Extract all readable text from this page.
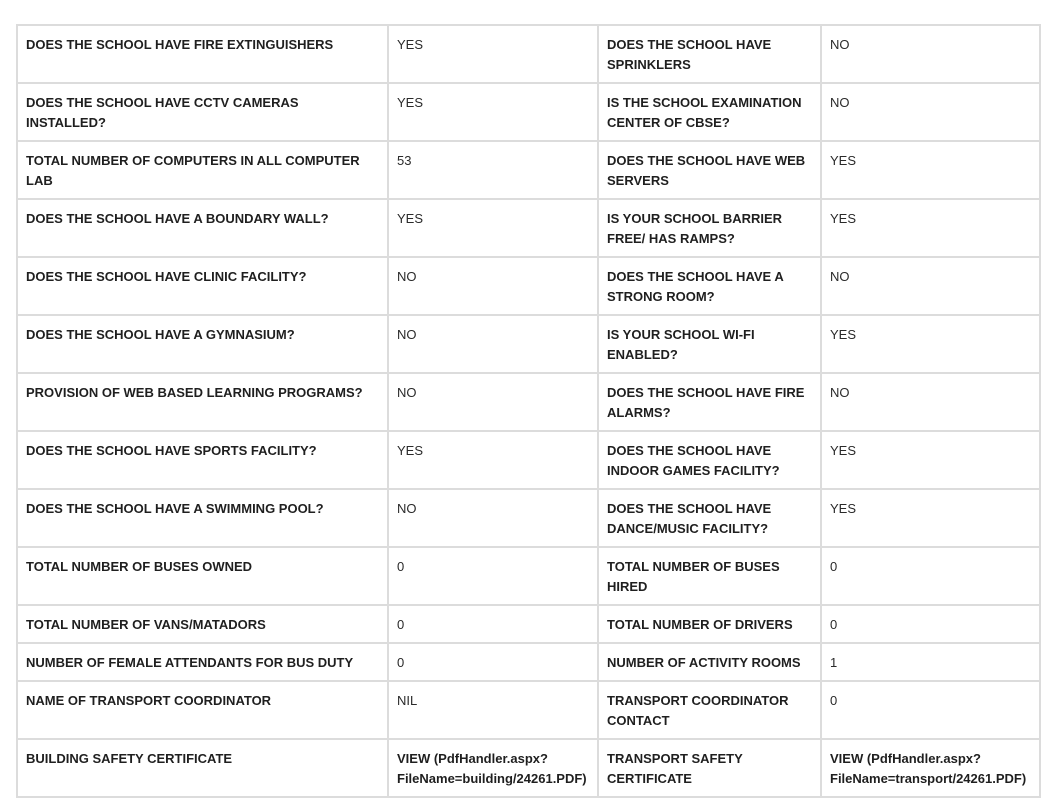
DOES THE SCHOOL HAVE FIRE EXTINGUISHERS	YES	DOES THE SCHOOL HAVE SPRINKLERS	NO
DOES THE SCHOOL HAVE CCTV CAMERAS INSTALLED?	YES	IS THE SCHOOL EXAMINATION CENTER OF CBSE?	NO
TOTAL NUMBER OF COMPUTERS IN ALL COMPUTER LAB	53	DOES THE SCHOOL HAVE WEB SERVERS	YES
DOES THE SCHOOL HAVE A BOUNDARY WALL?	YES	IS YOUR SCHOOL BARRIER FREE/ HAS RAMPS?	YES
DOES THE SCHOOL HAVE CLINIC FACILITY?	NO	DOES THE SCHOOL HAVE A STRONG ROOM?	NO
DOES THE SCHOOL HAVE A GYMNASIUM?	NO	IS YOUR SCHOOL WI-FI ENABLED?	YES
PROVISION OF WEB BASED LEARNING PROGRAMS?	NO	DOES THE SCHOOL HAVE FIRE ALARMS?	NO
DOES THE SCHOOL HAVE SPORTS FACILITY?	YES	DOES THE SCHOOL HAVE INDOOR GAMES FACILITY?	YES
DOES THE SCHOOL HAVE A SWIMMING POOL?	NO	DOES THE SCHOOL HAVE DANCE/MUSIC FACILITY?	YES
TOTAL NUMBER OF BUSES OWNED	0	TOTAL NUMBER OF BUSES HIRED	0
TOTAL NUMBER OF VANS/MATADORS	0	TOTAL NUMBER OF DRIVERS	0
NUMBER OF FEMALE ATTENDANTS FOR BUS DUTY	0	NUMBER OF ACTIVITY ROOMS	1
NAME OF TRANSPORT COORDINATOR	NIL	TRANSPORT COORDINATOR CONTACT	0
BUILDING SAFETY CERTIFICATE	VIEW (PdfHandler.aspx?FileName=building/24261.PDF)	TRANSPORT SAFETY CERTIFICATE	VIEW (PdfHandler.aspx?FileName=transport/24261.PDF)
